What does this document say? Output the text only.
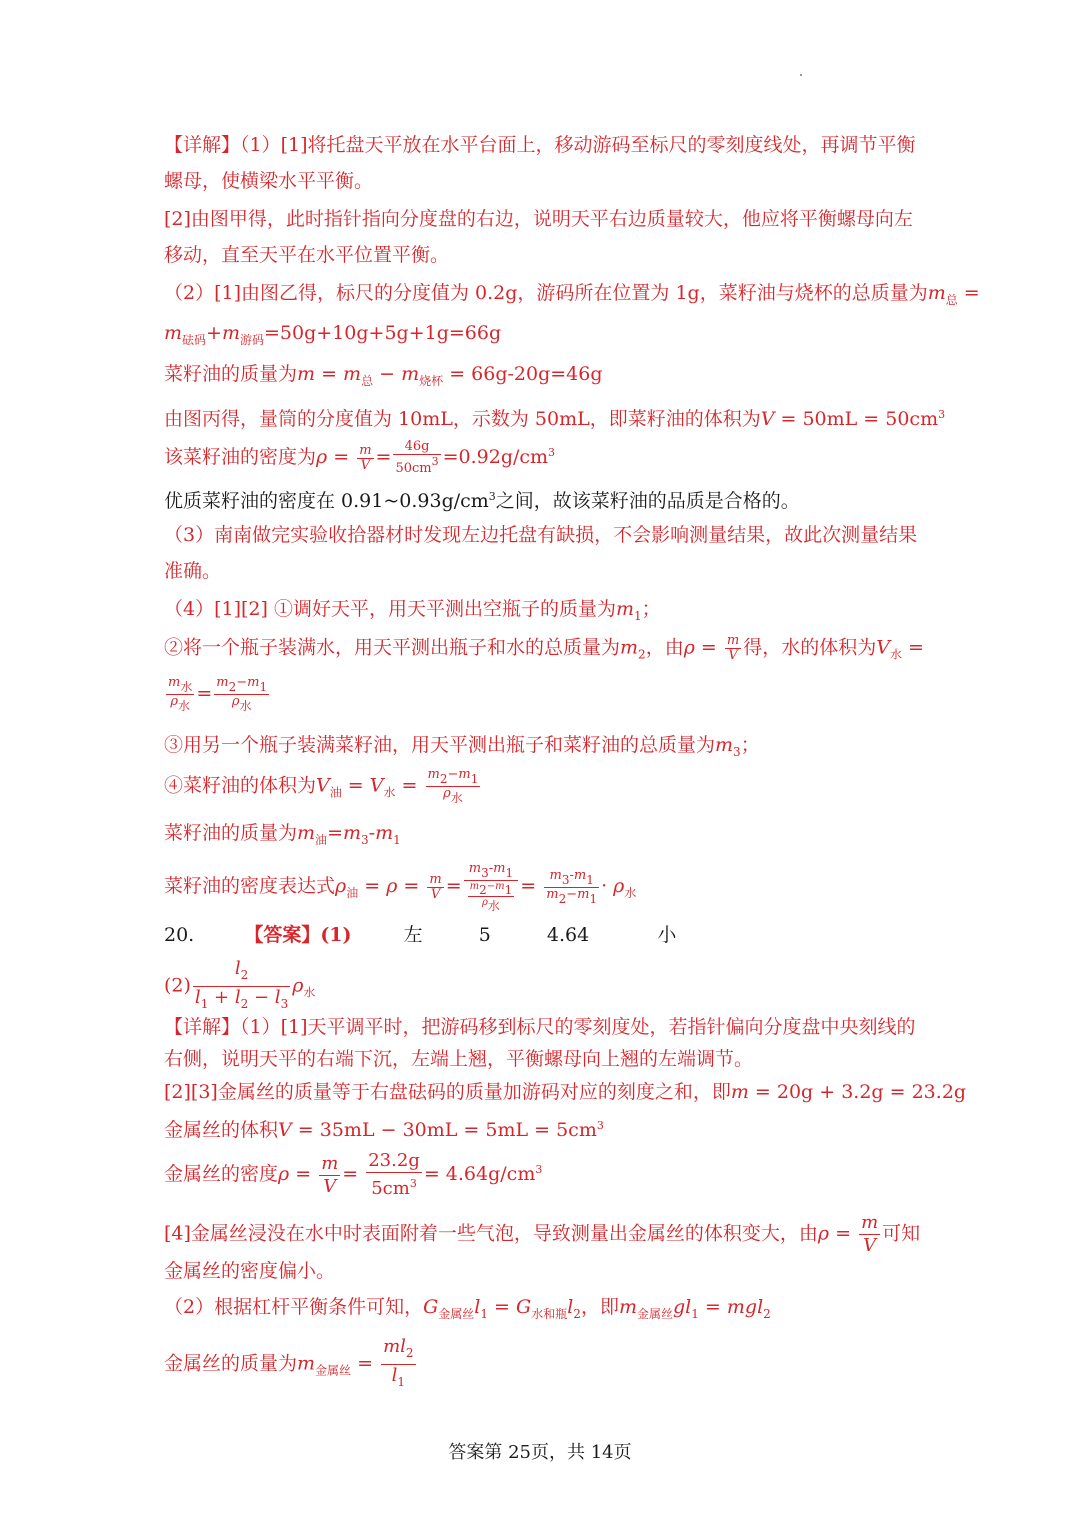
【详解】（1）[1]将托盘天平放在水平台面上，移动游码至标尺的零刻度线处，再调节平衡
螺母，使横梁水平平衡。
[2]由图甲得，此时指针指向分度盘的右边，说明天平右边质量较大，他应将平衡螺母向左
移动，直至天平在水平位置平衡。
（2）[1]由图乙得，标尺的分度值为 0.2g，游码所在位置为 1g，菜籽油与烧杯的总质量为$m_总$ =
$m_{砝码}+m_{游码}=50g+10g+5g+1g=66g$
菜籽油的质量为$m = m_总 - m_{烧杯} = 66g-20g=46g$
由图丙得，量筒的分度值为 10mL，示数为 50mL，即菜籽油的体积为$V = 50mL = 50cm^3$
该菜籽油的密度为$\rho = \frac{m}{V} = \frac{46g}{50cm^3} =0.92g/cm^3$
优质菜籽油的密度在 $0.91\sim 0.93g/cm^3$之间，故该菜籽油的品质是合格的。
（3）南南做完实验收拾器材时发现左边托盘有缺损，不会影响测量结果，故此次测量结果
准确。
（4）[1][2] ①调好天平，用天平测出空瓶子的质量为$m_1$；
②将一个瓶子装满水，用天平测出瓶子和水的总质量为$m_2$，由$\rho = \frac{m}{V}$ 得，水的体积为$V_水$ =
$\frac{m_水}{\rho_水} = \frac{m_2-m_1}{\rho_水}$
③用另一个瓶子装满菜籽油，用天平测出瓶子和菜籽油的总质量为$m_3$；
④菜籽油的体积为$V_油 = V_水 = \frac{m_2-m_1}{\rho_水}$
菜籽油的质量为$m_油=m_3-m_1$
菜籽油的密度表达式$\rho_油 = \rho = \frac{m}{V} = \frac{m_3-m_1}{\frac{m_2-m_1}{\rho_水}} = \frac{m_3-m_1}{m_2-m_1} \cdot \rho_水$
20.	【答案】(1)	左	5	4.64	小
$(2) \frac{l_2}{l_1 + l_2 - l_3} \rho_水$
【详解】（1）[1]天平调平时，把游码移到标尺的零刻度处，若指针偏向分度盘中央刻线的
右侧，说明天平的右端下沉，左端上翘，平衡螺母向上翘的左端调节。
[2][3]金属丝的质量等于右盘砝码的质量加游码对应的刻度之和，即m = 20g + 3.2g = 23.2g
金属丝的体积$V = 35mL - 30mL = 5mL = 5cm^3$
金属丝的密度$\rho = \frac{m}{V} = \frac{23.2g}{5cm^3} = 4.64g/cm^3$
[4]金属丝浸没在水中时表面附着一些气泡，导致测量出金属丝的体积变大，由$\rho = \frac{m}{V}$ 可知
金属丝的密度偏小。
（2）根据杠杆平衡条件可知，$G_{金属丝}l_1 = G_{水和瓶}l_2$，即$m_{金属丝}gl_1 = mgl_2$
金属丝的质量为$m_{金属丝} = \frac{ml_2}{l_1}$
答案第 25页，共 14页
